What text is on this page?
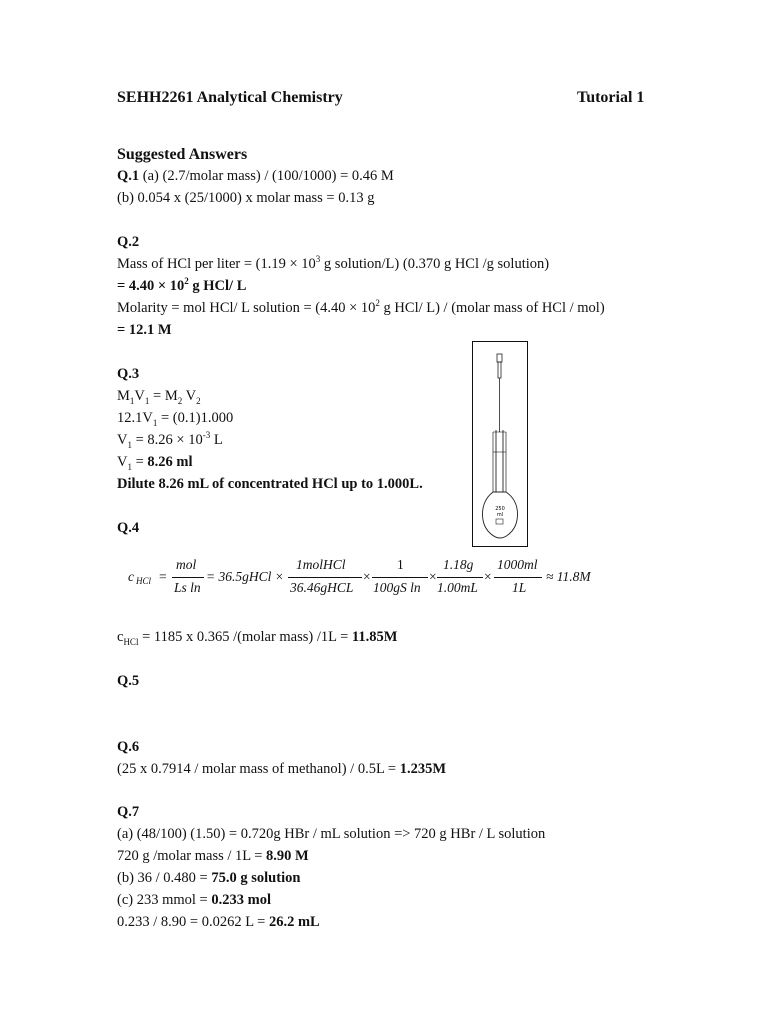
SEHH2261 Analytical Chemistry	Tutorial 1
Suggested Answers
Q.1 (a) (2.7/molar mass) / (100/1000) = 0.46 M
(b) 0.054 x (25/1000) x molar mass = 0.13 g
Q.2
Mass of HCl per liter = ($1.19 \times 10^3$ g solution/L) (0.370 g HCl /g solution)
= $4.40 \times 10^2$ g HCl/ L
Molarity = mol HCl/ L solution = ($4.40 \times 10^2$ g HCl/ L) / (molar mass of HCl / mol)
= 12.1 M
Q.3
$M_1V_1 = M_2$ $V_2$
$12.1V_1 = (0.1)1.000$
$V_1 = 8.26 \times 10^{-3}$ L
$V_1 = 8.26$ ml
Dilute 8.26 mL of concentrated HCl up to 1.000L.
250
ml
Q.4
c HCl =
mol
Ls ln
= 36.5gHCl ×
1molHCl
36.46gHCL
×
1
100gS ln
×
1.18g
1.00mL
×
1000ml
1L
≈ 11.8M
$c_{HCl} = 1185$ x 0.365 /(molar mass) /1L = 11.85M
Q.5
Q.6
(25 x 0.7914 / molar mass of methanol) / 0.5L = 1.235M
Q.7
(a) (48/100) (1.50) = 0.720g HBr / mL solution => 720 g HBr / L solution
720 g /molar mass / 1L = 8.90 M
(b) 36 / 0.480 = 75.0 g solution
(c) 233 mmol = 0.233 mol
0.233 / 8.90 = 0.0262 L = 26.2 mL
